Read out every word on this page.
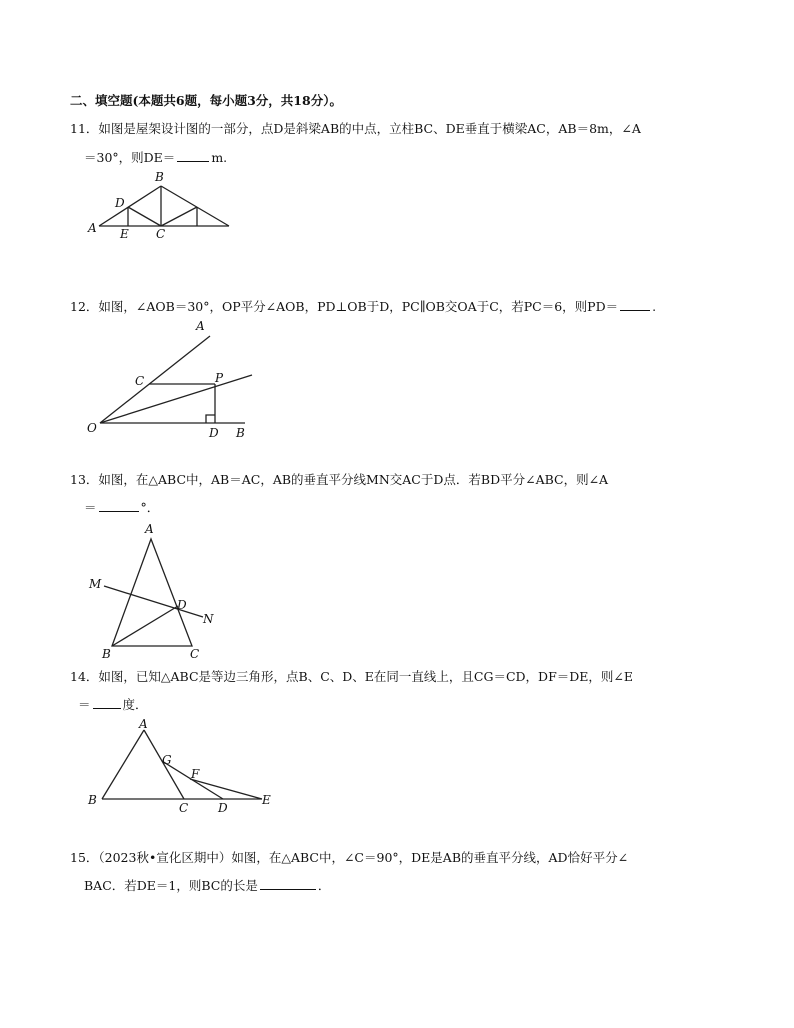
二、填空题(本题共6题，每小题3分，共18分）。
11．如图是屋架设计图的一部分，点D是斜梁AB的中点，立柱BC、DE垂直于横梁AC，AB＝8m，∠A
＝30°，则DE＝	m.
B
D
A E C
12．如图，∠AOB＝30°，OP平分∠AOB，PD⊥OB于D，PC∥OB交OA于C，若PC＝6，则PD＝	.
A
C	P
O	D B
13．如图，在△ABC中，AB＝AC，AB的垂直平分线MN交AC于D点．若BD平分∠ABC，则∠A
＝	°．
A
M
D
N
B	C
14．如图，已知△ABC是等边三角形，点B、C、D、E在同一直线上，且CG＝CD，DF＝DE，则∠E
＝	度．
A
G
F
B
C D
E
15．（2023秋•宣化区期中）如图，在△ABC中，∠C＝90°，DE是AB的垂直平分线，AD恰好平分∠
BAC．若DE＝1，则BC的长是	．
